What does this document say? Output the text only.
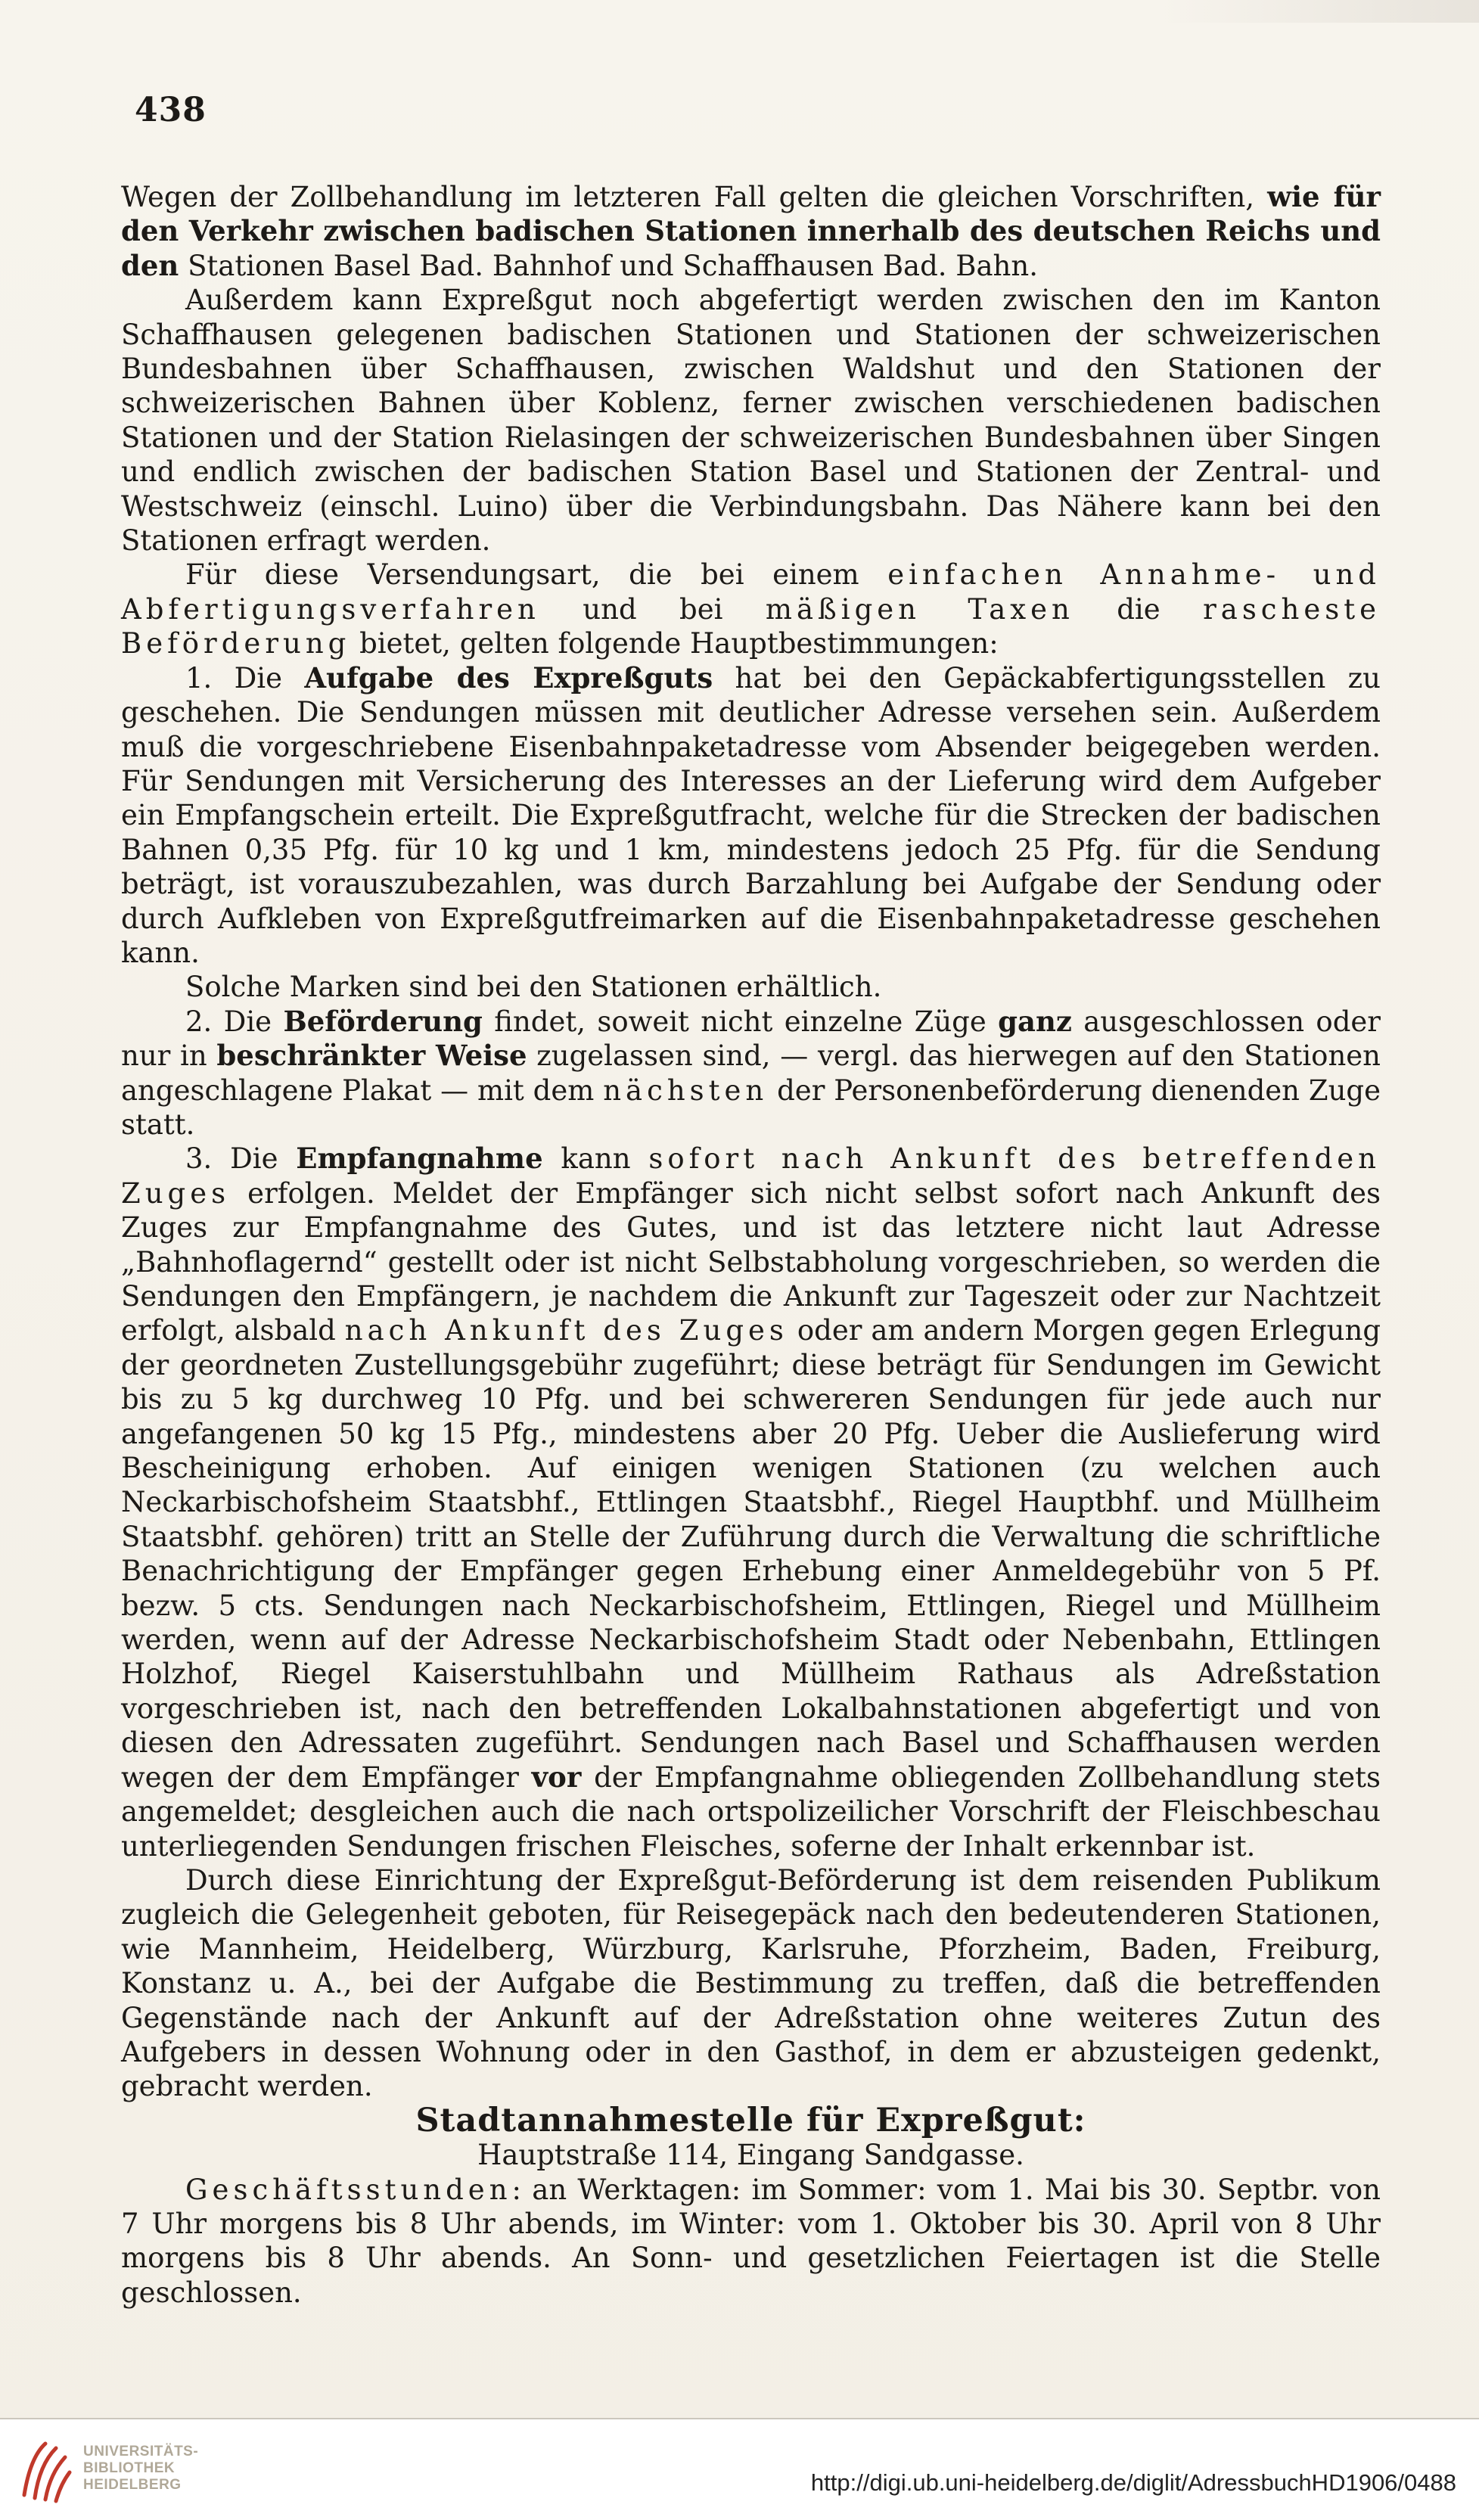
438

Wegen der Zollbehandlung im letzteren Fall gelten die gleichen Vorschriften, wie für den Verkehr zwischen badischen Stationen innerhalb des deutschen Reichs und den Stationen Basel Bad. Bahnhof und Schaffhausen Bad. Bahn.

Außerdem kann Expreßgut noch abgefertigt werden zwischen den im Kanton Schaffhausen gelegenen badischen Stationen und Stationen der schweizerischen Bundesbahnen über Schaffhausen, zwischen Waldshut und den Stationen der schweizerischen Bahnen über Koblenz, ferner zwischen verschiedenen badischen Stationen und der Station Rielasingen der schweizerischen Bundesbahnen über Singen und endlich zwischen der badischen Station Basel und Stationen der Zentral- und Westschweiz (einschl. Luino) über die Verbindungsbahn. Das Nähere kann bei den Stationen erfragt werden.

Für diese Versendungsart, die bei einem einfachen Annahme- und Abfertigungsverfahren und bei mäßigen Taxen die rascheste Beförderung bietet, gelten folgende Hauptbestimmungen:

1. Die Aufgabe des Expreßguts hat bei den Gepäckabfertigungsstellen zu geschehen. Die Sendungen müssen mit deutlicher Adresse versehen sein. Außerdem muß die vorgeschriebene Eisenbahnpaketadresse vom Absender beigegeben werden. Für Sendungen mit Versicherung des Interesses an der Lieferung wird dem Aufgeber ein Empfangschein erteilt. Die Expreßgutfracht, welche für die Strecken der badischen Bahnen 0,35 Pfg. für 10 kg und 1 km, mindestens jedoch 25 Pfg. für die Sendung beträgt, ist vorauszubezahlen, was durch Barzahlung bei Aufgabe der Sendung oder durch Aufkleben von Expreßgutfreimarken auf die Eisenbahnpaketadresse geschehen kann.

Solche Marken sind bei den Stationen erhältlich.

2. Die Beförderung findet, soweit nicht einzelne Züge ganz ausgeschlossen oder nur in beschränkter Weise zugelassen sind, — vergl. das hierwegen auf den Stationen angeschlagene Plakat — mit dem nächsten der Personenbeförderung dienenden Zuge statt.

3. Die Empfangnahme kann sofort nach Ankunft des betreffenden Zuges erfolgen. Meldet der Empfänger sich nicht selbst sofort nach Ankunft des Zuges zur Empfangnahme des Gutes, und ist das letztere nicht laut Adresse „Bahnhoflagernd“ gestellt oder ist nicht Selbstabholung vorgeschrieben, so werden die Sendungen den Empfängern, je nachdem die Ankunft zur Tageszeit oder zur Nachtzeit erfolgt, alsbald nach Ankunft des Zuges oder am andern Morgen gegen Erlegung der geordneten Zustellungsgebühr zugeführt; diese beträgt für Sendungen im Gewicht bis zu 5 kg durchweg 10 Pfg. und bei schwereren Sendungen für jede auch nur angefangenen 50 kg 15 Pfg., mindestens aber 20 Pfg. Ueber die Auslieferung wird Bescheinigung erhoben. Auf einigen wenigen Stationen (zu welchen auch Neckarbischofsheim Staatsbhf., Ettlingen Staatsbhf., Riegel Hauptbhf. und Müllheim Staatsbhf. gehören) tritt an Stelle der Zuführung durch die Verwaltung die schriftliche Benachrichtigung der Empfänger gegen Erhebung einer Anmeldegebühr von 5 Pf. bezw. 5 cts. Sendungen nach Neckarbischofsheim, Ettlingen, Riegel und Müllheim werden, wenn auf der Adresse Neckarbischofsheim Stadt oder Nebenbahn, Ettlingen Holzhof, Riegel Kaiserstuhlbahn und Müllheim Rathaus als Adreßstation vorgeschrieben ist, nach den betreffenden Lokalbahnstationen abgefertigt und von diesen den Adressaten zugeführt. Sendungen nach Basel und Schaffhausen werden wegen der dem Empfänger vor der Empfangnahme obliegenden Zollbehandlung stets angemeldet; desgleichen auch die nach ortspolizeilicher Vorschrift der Fleischbeschau unterliegenden Sendungen frischen Fleisches, soferne der Inhalt erkennbar ist.

Durch diese Einrichtung der Expreßgut-Beförderung ist dem reisenden Publikum zugleich die Gelegenheit geboten, für Reisegepäck nach den bedeutenderen Stationen, wie Mannheim, Heidelberg, Würzburg, Karlsruhe, Pforzheim, Baden, Freiburg, Konstanz u. A., bei der Aufgabe die Bestimmung zu treffen, daß die betreffenden Gegenstände nach der Ankunft auf der Adreßstation ohne weiteres Zutun des Aufgebers in dessen Wohnung oder in den Gasthof, in dem er abzusteigen gedenkt, gebracht werden.

Stadtannahmestelle für Expreßgut:

Hauptstraße 114, Eingang Sandgasse.

Geschäftsstunden: an Werktagen: im Sommer: vom 1. Mai bis 30. Septbr. von 7 Uhr morgens bis 8 Uhr abends, im Winter: vom 1. Oktober bis 30. April von 8 Uhr morgens bis 8 Uhr abends. An Sonn- und gesetzlichen Feiertagen ist die Stelle geschlossen.

UNIVERSITÄTS-
BIBLIOTHEK
HEIDELBERG	http://digi.ub.uni-heidelberg.de/diglit/AdressbuchHD1906/0488
